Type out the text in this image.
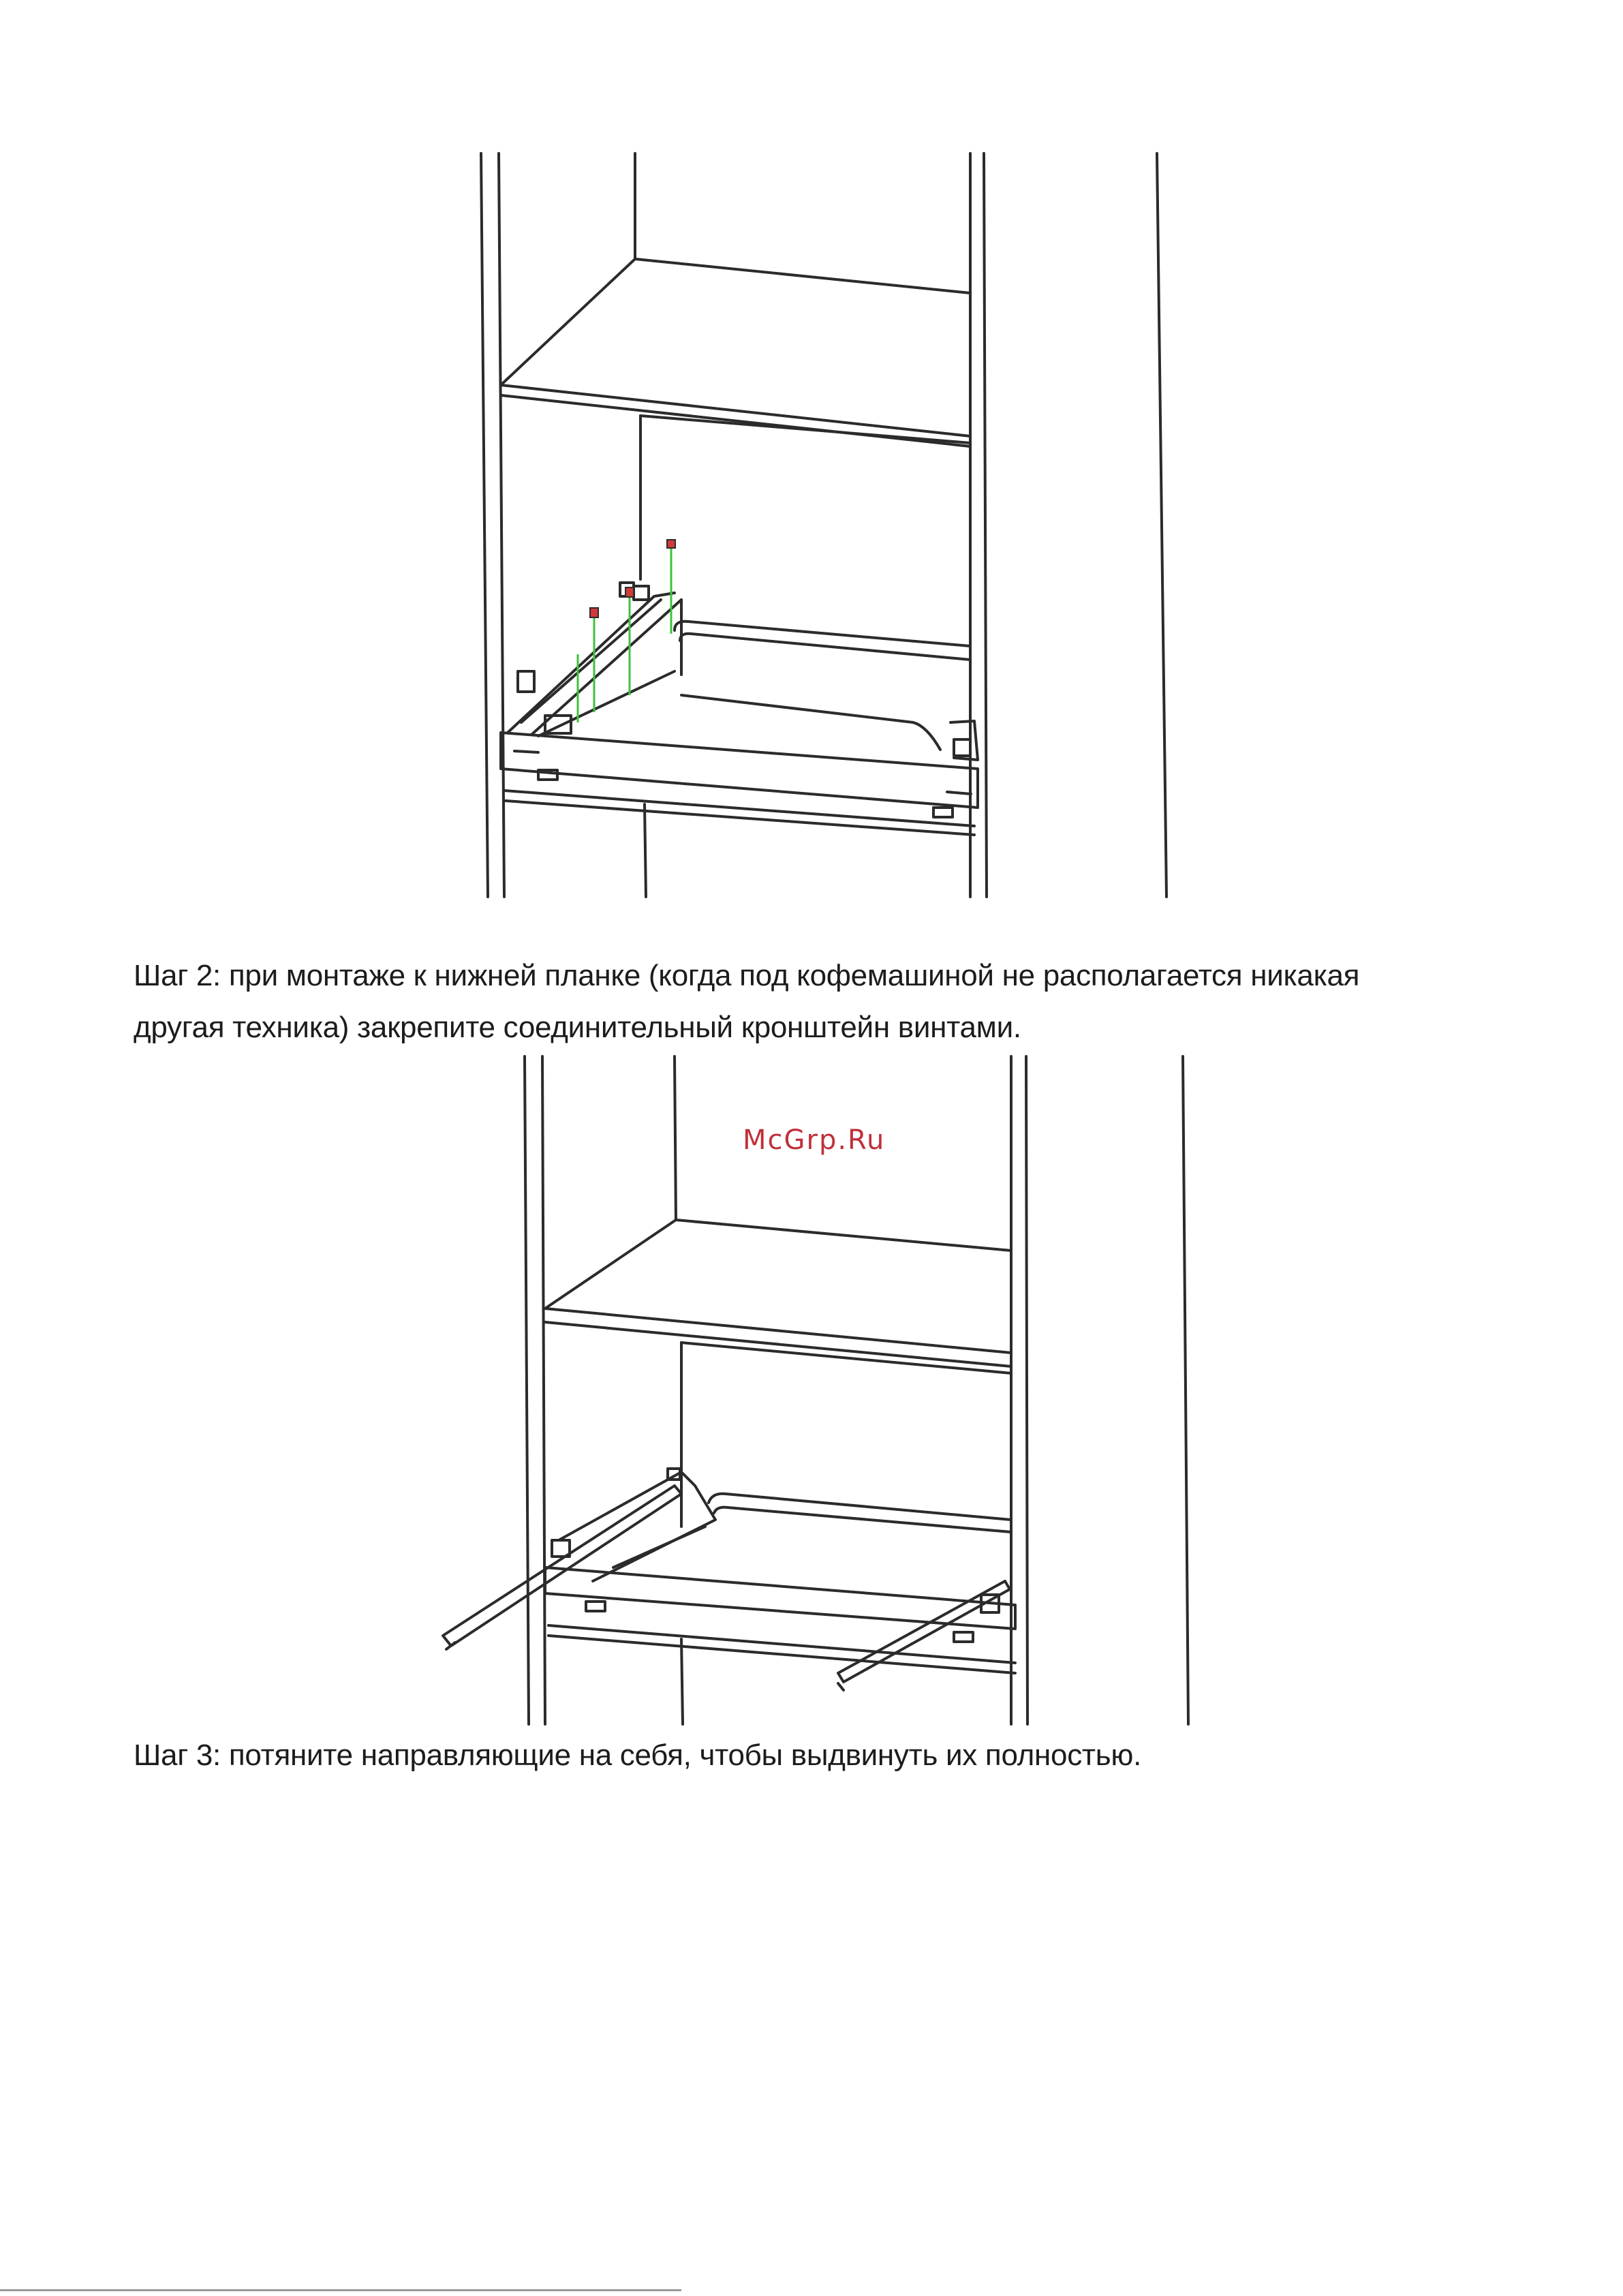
Шаг 2: при монтаже к нижней планке (когда под кофемашиной не располагается никакая
другая техника) закрепите соединительный кронштейн винтами.
McGrp.Ru
Шаг 3: потяните направляющие на себя, чтобы выдвинуть их полностью.
